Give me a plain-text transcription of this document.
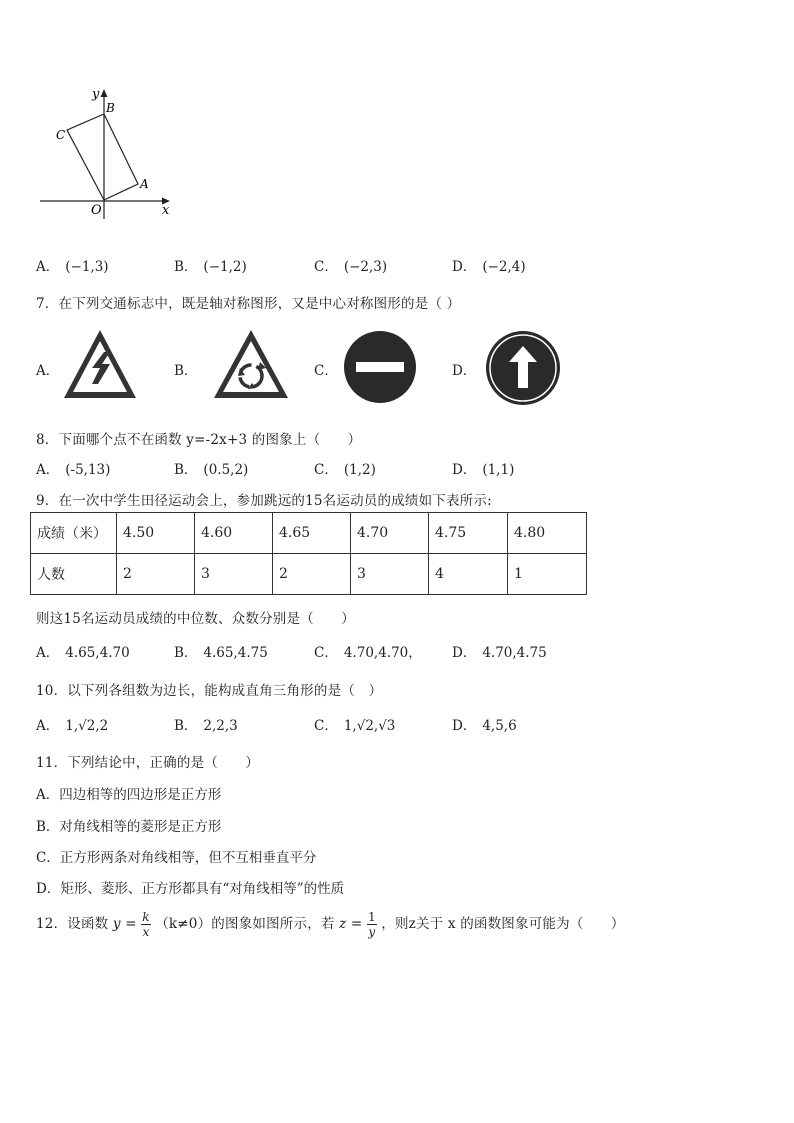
y
x
O
A
B
C
A． (−1,3)	B． (−1,2)	C． (−2,3)	D． (−2,4)
7．在下列交通标志中，既是轴对称图形，又是中心对称图形的是（ ）
A．	B．	C．	D．
8．下面哪个点不在函数 y=-2x+3 的图象上（　　）
A． (-5,13)	B． (0.5,2)	C． (1,2)	D． (1,1)
9．在一次中学生田径运动会上，参加跳远的15名运动员的成绩如下表所示:
成绩（米）	4.50	4.60	4.65	4.70	4.75	4.80
人数	2	3	2	3	4	1
则这15名运动员成绩的中位数、众数分别是（　　）
A． 4.65,4.70	B． 4.65,4.75	C． 4.70,4.70， D． 4.70,4.75
10．以下列各组数为边长，能构成直角三角形的是（　）
A． 1,√2,2	B． 2,2,3	C． 1,√2,√3	D． 4,5,6
11．下列结论中，正确的是（　　）
A．四边相等的四边形是正方形
B．对角线相等的菱形是正方形
C．正方形两条对角线相等，但不互相垂直平分
D．矩形、菱形、正方形都具有“对角线相等”的性质
12．设函数 $y = \frac{k}{x} (k\ne 0)$的图象如图所示，若 $z = \frac{1}{y}$ ，则z关于 x 的函数图象可能为（　　）
